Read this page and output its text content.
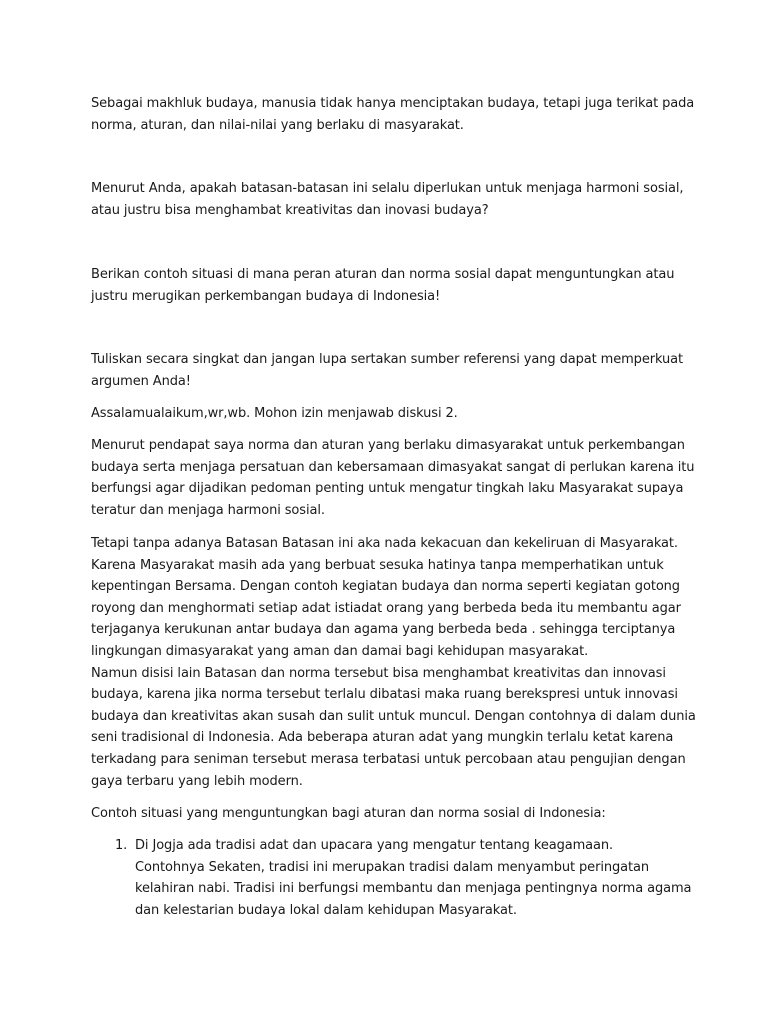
Sebagai makhluk budaya, manusia tidak hanya menciptakan budaya, tetapi juga terikat pada
norma, aturan, dan nilai-nilai yang berlaku di masyarakat.

Menurut Anda, apakah batasan-batasan ini selalu diperlukan untuk menjaga harmoni sosial,
atau justru bisa menghambat kreativitas dan inovasi budaya?

Berikan contoh situasi di mana peran aturan dan norma sosial dapat menguntungkan atau
justru merugikan perkembangan budaya di Indonesia!

Tuliskan secara singkat dan jangan lupa sertakan sumber referensi yang dapat memperkuat
argumen Anda!

Assalamualaikum,wr,wb. Mohon izin menjawab diskusi 2.

Menurut pendapat saya norma dan aturan yang berlaku dimasyarakat untuk perkembangan
budaya serta menjaga persatuan dan kebersamaan dimasyakat sangat di perlukan karena itu
berfungsi agar dijadikan pedoman penting untuk mengatur tingkah laku Masyarakat supaya
teratur dan menjaga harmoni sosial.

Tetapi tanpa adanya Batasan Batasan ini aka nada kekacuan dan kekeliruan di Masyarakat.
Karena Masyarakat masih ada yang berbuat sesuka hatinya tanpa memperhatikan untuk
kepentingan Bersama. Dengan contoh kegiatan budaya dan norma seperti kegiatan gotong
royong dan menghormati setiap adat istiadat orang yang berbeda beda itu membantu agar
terjaganya kerukunan antar budaya dan agama yang berbeda beda . sehingga terciptanya
lingkungan dimasyarakat yang aman dan damai bagi kehidupan masyarakat.
Namun disisi lain Batasan dan norma tersebut bisa menghambat kreativitas dan innovasi
budaya, karena jika norma tersebut terlalu dibatasi maka ruang berekspresi untuk innovasi
budaya dan kreativitas akan susah dan sulit untuk muncul. Dengan contohnya di dalam dunia
seni tradisional di Indonesia. Ada beberapa aturan adat yang mungkin terlalu ketat karena
terkadang para seniman tersebut merasa terbatasi untuk percobaan atau pengujian dengan
gaya terbaru yang lebih modern.

Contoh situasi yang menguntungkan bagi aturan dan norma sosial di Indonesia:

1. Di Jogja ada tradisi adat dan upacara yang mengatur tentang keagamaan.
Contohnya Sekaten, tradisi ini merupakan tradisi dalam menyambut peringatan
kelahiran nabi. Tradisi ini berfungsi membantu dan menjaga pentingnya norma agama
dan kelestarian budaya lokal dalam kehidupan Masyarakat.
